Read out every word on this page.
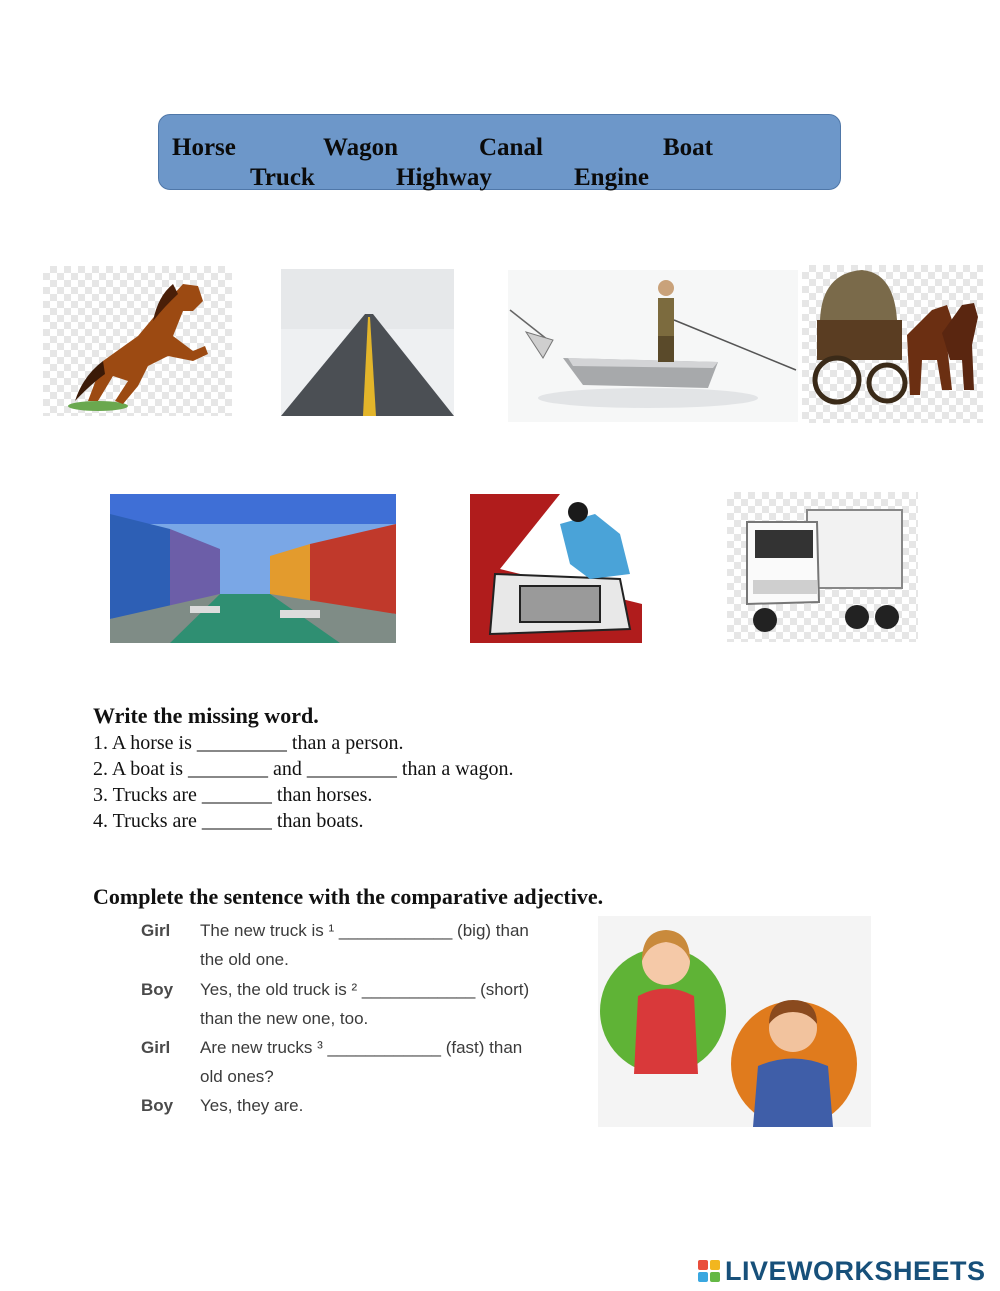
Horse	Wagon	Canal	Boat
Truck	Highway	Engine
Write the missing word.
1. A horse is _________ than a person.
2. A boat is ________ and _________ than a wagon.
3. Trucks are _______ than horses.
4. Trucks are _______ than boats.
Complete the sentence with the comparative adjective.
Girl The new truck is ¹ ____________ (big) than
the old one.
Boy Yes, the old truck is ² ____________ (short)
than the new one, too.
Girl Are new trucks ³ ____________ (fast) than
old ones?
Boy Yes, they are.
LIVEWORKSHEETS
